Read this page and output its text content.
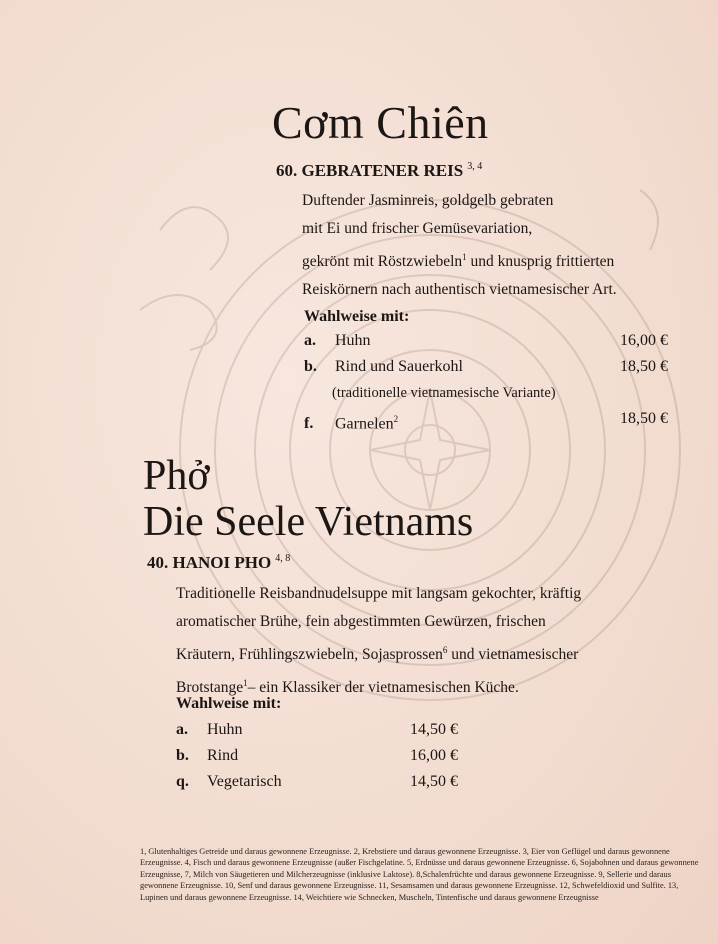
Cơm Chiên
60. GEBRATENER REIS $^{3, 4}$
Duftender Jasminreis, goldgelb gebraten
mit Ei und frischer Gemüsevariation,
gekrönt mit Röstzwiebeln$^1$ und knusprig frittierten
Reiskörnern nach authentisch vietnamesischer Art.
Wahlweise mit:
a. Huhn	16,00 €
b. Rind und Sauerkohl	18,50 €
(traditionelle vietnamesische Variante)
f. Garnelen$^2$	18,50 €
Phở
Die Seele Vietnams
40. HANOI PHO $^{4, 8}$
Traditionelle Reisbandnudelsuppe mit langsam gekochter, kräftig
aromatischer Brühe, fein abgestimmten Gewürzen, frischen
Kräutern, Frühlingszwiebeln, Sojasprossen$^6$ und vietnamesischer
Brotstange$^1$– ein Klassiker der vietnamesischen Küche.
Wahlweise mit:
a. Huhn	14,50 €
b. Rind	16,00 €
q. Vegetarisch	14,50 €
1, Glutenhaltiges Getreide und daraus gewonnene Erzeugnisse. 2, Krebstiere und daraus gewonnene Erzeugnisse. 3, Eier von Geflügel und daraus gewonnene Erzeugnisse. 4, Fisch und daraus gewonnene Erzeugnisse (außer Fischgelatine. 5, Erdnüsse und daraus gewonnene Erzeugnisse. 6, Sojabohnen und daraus gewonnene Erzeugnisse, 7, Milch von Säugetieren und Milcherzeugnisse (inklusive Laktose). 8,Schalenfrüchte und daraus gewonnene Erzeugnisse. 9, Sellerie und daraus gewonnene Erzeugnisse. 10, Senf und daraus gewonnene Erzeugnisse. 11, Sesamsamen und daraus gewonnene Erzeugnisse. 12, Schwefeldioxid und Sulfite. 13, Lupinen und daraus gewonnene Erzeugnisse. 14, Weichtiere wie Schnecken, Muscheln, Tintenfische und daraus gewonnene Erzeugnisse
